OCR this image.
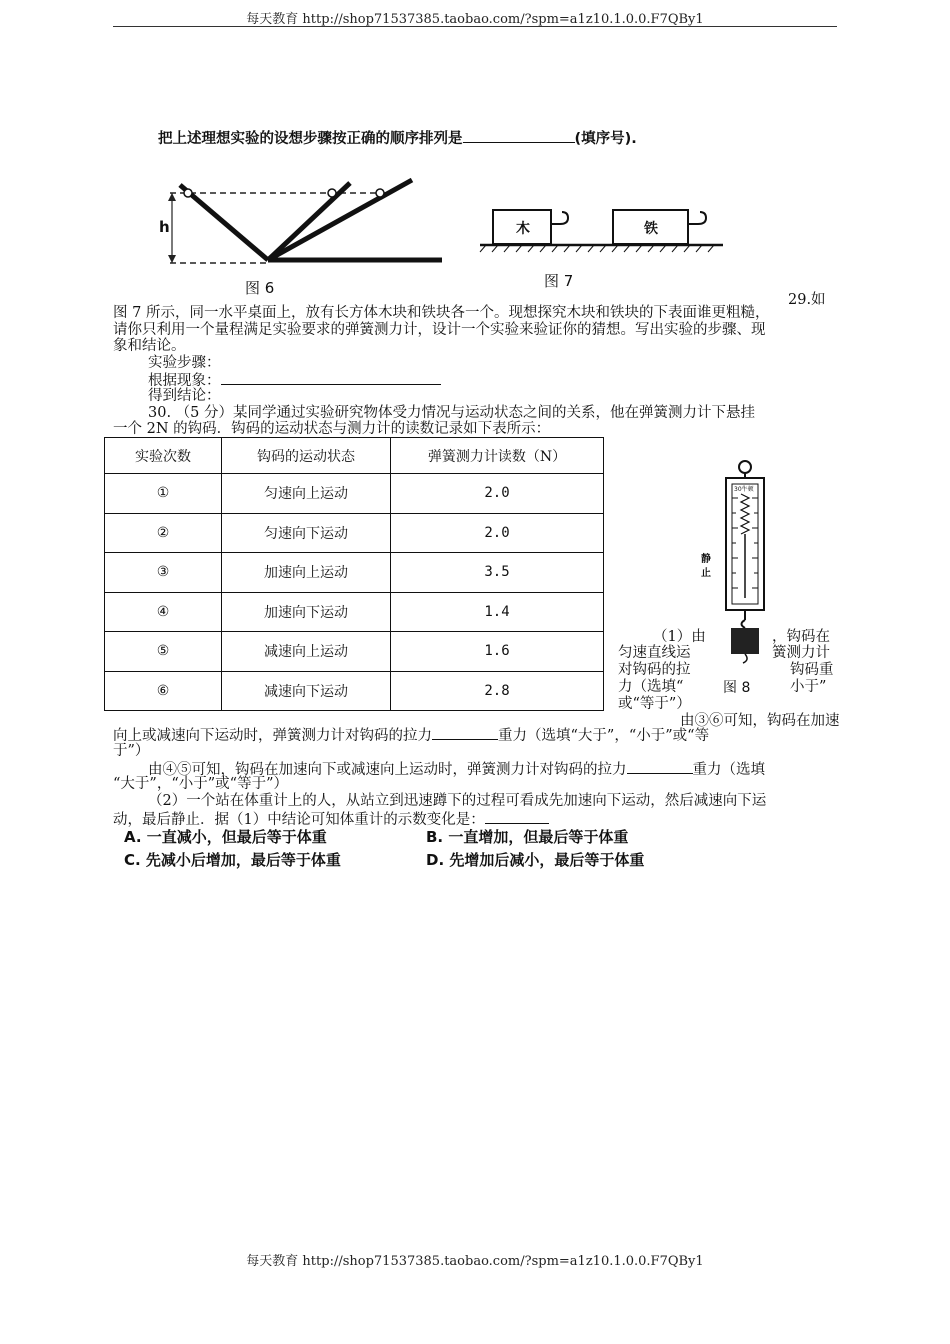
每天教育 http://shop71537385.taobao.com/?spm=a1z10.1.0.0.F7QBy1
把上述理想实验的设想步骤按正确的顺序排列是	(填序号).
h
图 6
木	铁
图 7
29.如
图 7 所示，同一水平桌面上，放有长方体木块和铁块各一个。现想探究木块和铁块的下表面谁更粗糙，
请你只利用一个量程满足实验要求的弹簧测力计，设计一个实验来验证你的猜想。写出实验的步骤、现
象和结论。
实验步骤：
根据现象：
得到结论：
30. （5 分）某同学通过实验研究物体受力情况与运动状态之间的关系，他在弹簧测力计下悬挂
一个 2N 的钩码．钩码的运动状态与测力计的读数记录如下表所示：
实验次数	钩码的运动状态	弹簧测力计读数（N）
①	匀速向上运动	2.0
②	匀速向下运动	2.0
③	加速向上运动	3.5
④	加速向下运动	1.4
⑤	减速向上运动	1.6
⑥	减速向下运动	2.8
30牛顿
静
止
图 8
（1）由	，钩码在
匀速直线运	簧测力计
对钩码的拉	钩码重
力（选填“	小于”
或“等于”）
由③⑥可知，钩码在加速
向上或减速向下运动时，弹簧测力计对钩码的拉力	重力（选填“大于”，“小于”或“等
于”）
由④⑤可知，钩码在加速向下或减速向上运动时，弹簧测力计对钩码的拉力	重力（选填
“大于”，“小于”或“等于”）
（2）一个站在体重计上的人，从站立到迅速蹲下的过程可看成先加速向下运动，然后减速向下运
动，最后静止．据（1）中结论可知体重计的示数变化是：
A. 一直减小，但最后等于体重	B. 一直增加，但最后等于体重
C. 先减小后增加，最后等于体重	D. 先增加后减小，最后等于体重
每天教育 http://shop71537385.taobao.com/?spm=a1z10.1.0.0.F7QBy1
